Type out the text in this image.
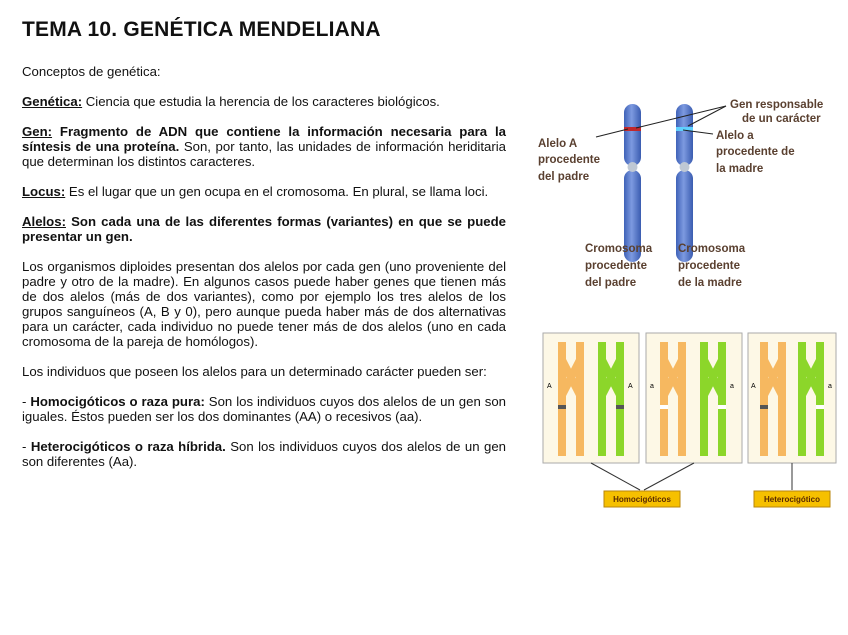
TEMA 10. GENÉTICA MENDELIANA

Conceptos de genética:

Genética: Ciencia que estudia la herencia de los caracteres biológicos.

Gen: Fragmento de ADN que contiene la información necesaria para la síntesis de una proteína. Son, por tanto, las unidades de información heriditaria que determinan los distintos caracteres.

Locus: Es el lugar que un gen ocupa en el cromosoma. En plural, se llama loci.

Alelos: Son cada una de las diferentes formas (variantes) en que se puede presentar un gen.

Los organismos diploides presentan dos alelos por cada gen (uno proveniente del padre y otro de la madre). En algunos casos puede haber genes que tienen más de dos alelos (más de dos variantes), como por ejemplo los tres alelos de los grupos sanguíneos (A, B y 0), pero aunque pueda haber más de dos alternativas para un carácter, cada individuo no puede tener más de dos alelos (uno en cada cromosoma de la pareja de homólogos).

Los individuos que poseen los alelos para un determinado carácter pueden ser:

- Homocigóticos o raza pura: Son los individuos cuyos dos alelos de un gen son iguales. Éstos pueden ser los dos dominantes (AA) o recesivos (aa).

- Heterocigóticos o raza híbrida. Son los individuos cuyos dos alelos de un gen son diferentes (Aa).

Gen responsable
de un carácter
Alelo A
procedente
del padre
Alelo a
procedente de
la madre
Cromosoma
procedente
del padre
Cromosoma
procedente
de la madre
A	A a	a A	a
Homocigóticos	Heterocigótico
